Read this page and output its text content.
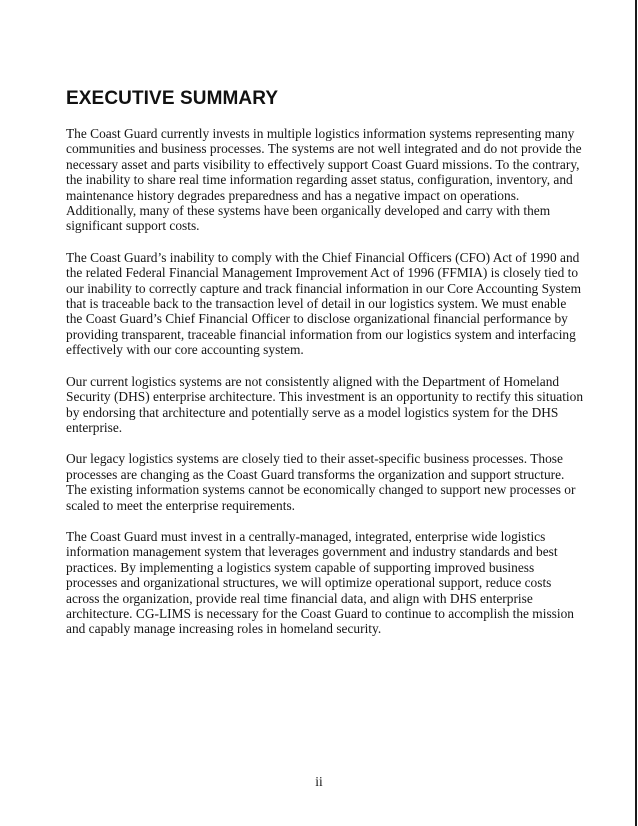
EXECUTIVE SUMMARY

The Coast Guard currently invests in multiple logistics information systems representing many
communities and business processes. The systems are not well integrated and do not provide the
necessary asset and parts visibility to effectively support Coast Guard missions. To the contrary,
the inability to share real time information regarding asset status, configuration, inventory, and
maintenance history degrades preparedness and has a negative impact on operations.
Additionally, many of these systems have been organically developed and carry with them
significant support costs.

The Coast Guard’s inability to comply with the Chief Financial Officers (CFO) Act of 1990 and
the related Federal Financial Management Improvement Act of 1996 (FFMIA) is closely tied to
our inability to correctly capture and track financial information in our Core Accounting System
that is traceable back to the transaction level of detail in our logistics system. We must enable
the Coast Guard’s Chief Financial Officer to disclose organizational financial performance by
providing transparent, traceable financial information from our logistics system and interfacing
effectively with our core accounting system.

Our current logistics systems are not consistently aligned with the Department of Homeland
Security (DHS) enterprise architecture. This investment is an opportunity to rectify this situation
by endorsing that architecture and potentially serve as a model logistics system for the DHS
enterprise.

Our legacy logistics systems are closely tied to their asset-specific business processes. Those
processes are changing as the Coast Guard transforms the organization and support structure.
The existing information systems cannot be economically changed to support new processes or
scaled to meet the enterprise requirements.

The Coast Guard must invest in a centrally-managed, integrated, enterprise wide logistics
information management system that leverages government and industry standards and best
practices. By implementing a logistics system capable of supporting improved business
processes and organizational structures, we will optimize operational support, reduce costs
across the organization, provide real time financial data, and align with DHS enterprise
architecture. CG-LIMS is necessary for the Coast Guard to continue to accomplish the mission
and capably manage increasing roles in homeland security.

ii
